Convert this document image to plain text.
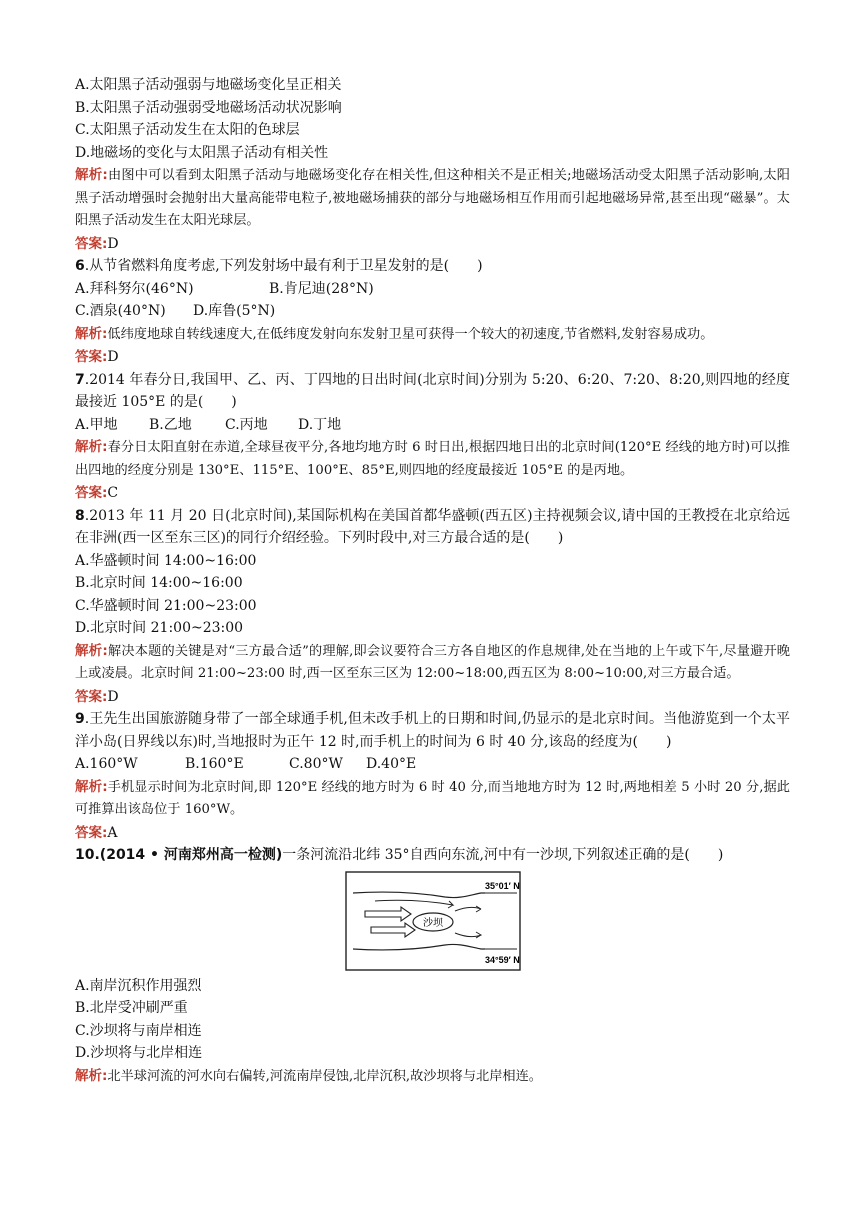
A.太阳黑子活动强弱与地磁场变化呈正相关
B.太阳黑子活动强弱受地磁场活动状况影响
C.太阳黑子活动发生在太阳的色球层
D.地磁场的变化与太阳黑子活动有相关性
解析:由图中可以看到太阳黑子活动与地磁场变化存在相关性,但这种相关不是正相关;地磁场活动受太阳黑子活动影响,太阳黑子活动增强时会抛射出大量高能带电粒子,被地磁场捕获的部分与地磁场相互作用而引起地磁场异常,甚至出现“磁暴”。太阳黑子活动发生在太阳光球层。
答案:D
6.从节省燃料角度考虑,下列发射场中最有利于卫星发射的是(　　)
A.拜科努尔(46°N)	B.肯尼迪(28°N)
C.酒泉(40°N)	D.库鲁(5°N)
解析:低纬度地球自转线速度大,在低纬度发射向东发射卫星可获得一个较大的初速度,节省燃料,发射容易成功。
答案:D
7.2014 年春分日,我国甲、乙、丙、丁四地的日出时间(北京时间)分别为 5:20、6:20、7:20、8:20,则四地的经度最接近 105°E 的是(　　)
A.甲地	B.乙地	C.丙地	D.丁地
解析:春分日太阳直射在赤道,全球昼夜平分,各地均地方时 6 时日出,根据四地日出的北京时间(120°E 经线的地方时)可以推出四地的经度分别是 130°E、115°E、100°E、85°E,则四地的经度最接近 105°E 的是丙地。
答案:C
8.2013 年 11 月 20 日(北京时间),某国际机构在美国首都华盛顿(西五区)主持视频会议,请中国的王教授在北京给远在非洲(西一区至东三区)的同行介绍经验。下列时段中,对三方最合适的是(　　)
A.华盛顿时间 14:00~16:00
B.北京时间 14:00~16:00
C.华盛顿时间 21:00~23:00
D.北京时间 21:00~23:00
解析:解决本题的关键是对“三方最合适”的理解,即会议要符合三方各自地区的作息规律,处在当地的上午或下午,尽量避开晚上或凌晨。北京时间 21:00~23:00 时,西一区至东三区为 12:00~18:00,西五区为 8:00~10:00,对三方最合适。
答案:D
9.王先生出国旅游随身带了一部全球通手机,但未改手机上的日期和时间,仍显示的是北京时间。当他游览到一个太平洋小岛(日界线以东)时,当地报时为正午 12 时,而手机上的时间为 6 时 40 分,该岛的经度为(　　)
A.160°W	B.160°E	C.80°W	D.40°E
解析:手机显示时间为北京时间,即 120°E 经线的地方时为 6 时 40 分,而当地地方时为 12 时,两地相差 5 小时 20 分,据此可推算出该岛位于 160°W。
答案:A
10.(2014 • 河南郑州高一检测)一条河流沿北纬 35°自西向东流,河中有一沙坝,下列叙述正确的是(　　)
35°01′ N
34°59′ N
沙坝
A.南岸沉积作用强烈
B.北岸受冲刷严重
C.沙坝将与南岸相连
D.沙坝将与北岸相连
解析:北半球河流的河水向右偏转,河流南岸侵蚀,北岸沉积,故沙坝将与北岸相连。
